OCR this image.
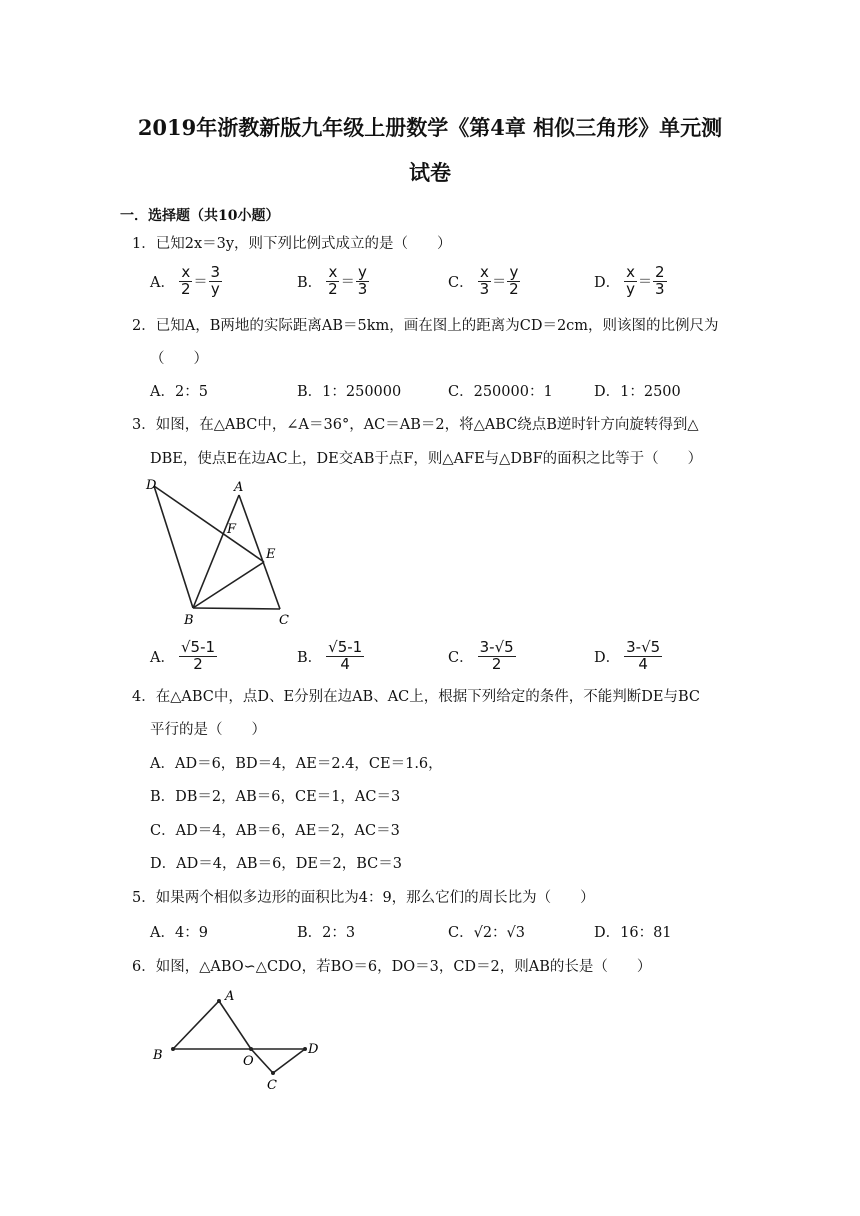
2019年浙教新版九年级上册数学《第4章 相似三角形》单元测
试卷
一．选择题（共10小题）
1．已知2x＝3y，则下列比例式成立的是（　　）
A． $\frac{x}{2} = \frac{3}{y}$	B． $\frac{x}{2} = \frac{y}{3}$	C． $\frac{x}{3} = \frac{y}{2}$	D． $\frac{x}{y} = \frac{2}{3}$
2．已知A，B两地的实际距离AB＝5km，画在图上的距离为CD＝2cm，则该图的比例尺为
（　　）
A．2：5	B．1：250000	C．250000：1	D．1：2500
3．如图，在△ABC中，∠A＝36°，AC＝AB＝2，将△ABC绕点B逆时针方向旋转得到△
DBE，使点E在边AC上，DE交AB于点F，则△AFE与△DBF的面积之比等于（　　）
D	A
F
E
B	C
A． $\frac{√5-1}{2}$	B． $\frac{√5-1}{4}$	C． $\frac{3-√5}{2}$	D． $\frac{3-√5}{4}$
4．在△ABC中，点D、E分别在边AB、AC上，根据下列给定的条件，不能判断DE与BC
平行的是（　　）
A．AD＝6，BD＝4，AE＝2.4，CE＝1.6，
B．DB＝2，AB＝6，CE＝1，AC＝3
C．AD＝4，AB＝6，AE＝2，AC＝3
D．AD＝4，AB＝6，DE＝2，BC＝3
5．如果两个相似多边形的面积比为4：9，那么它们的周长比为（　　）
A．4：9	B．2：3	C．√2：√3	D．16：81
6．如图，△ABO∽△CDO，若BO＝6，DO＝3，CD＝2，则AB的长是（　　）
A
B	O
D
C
